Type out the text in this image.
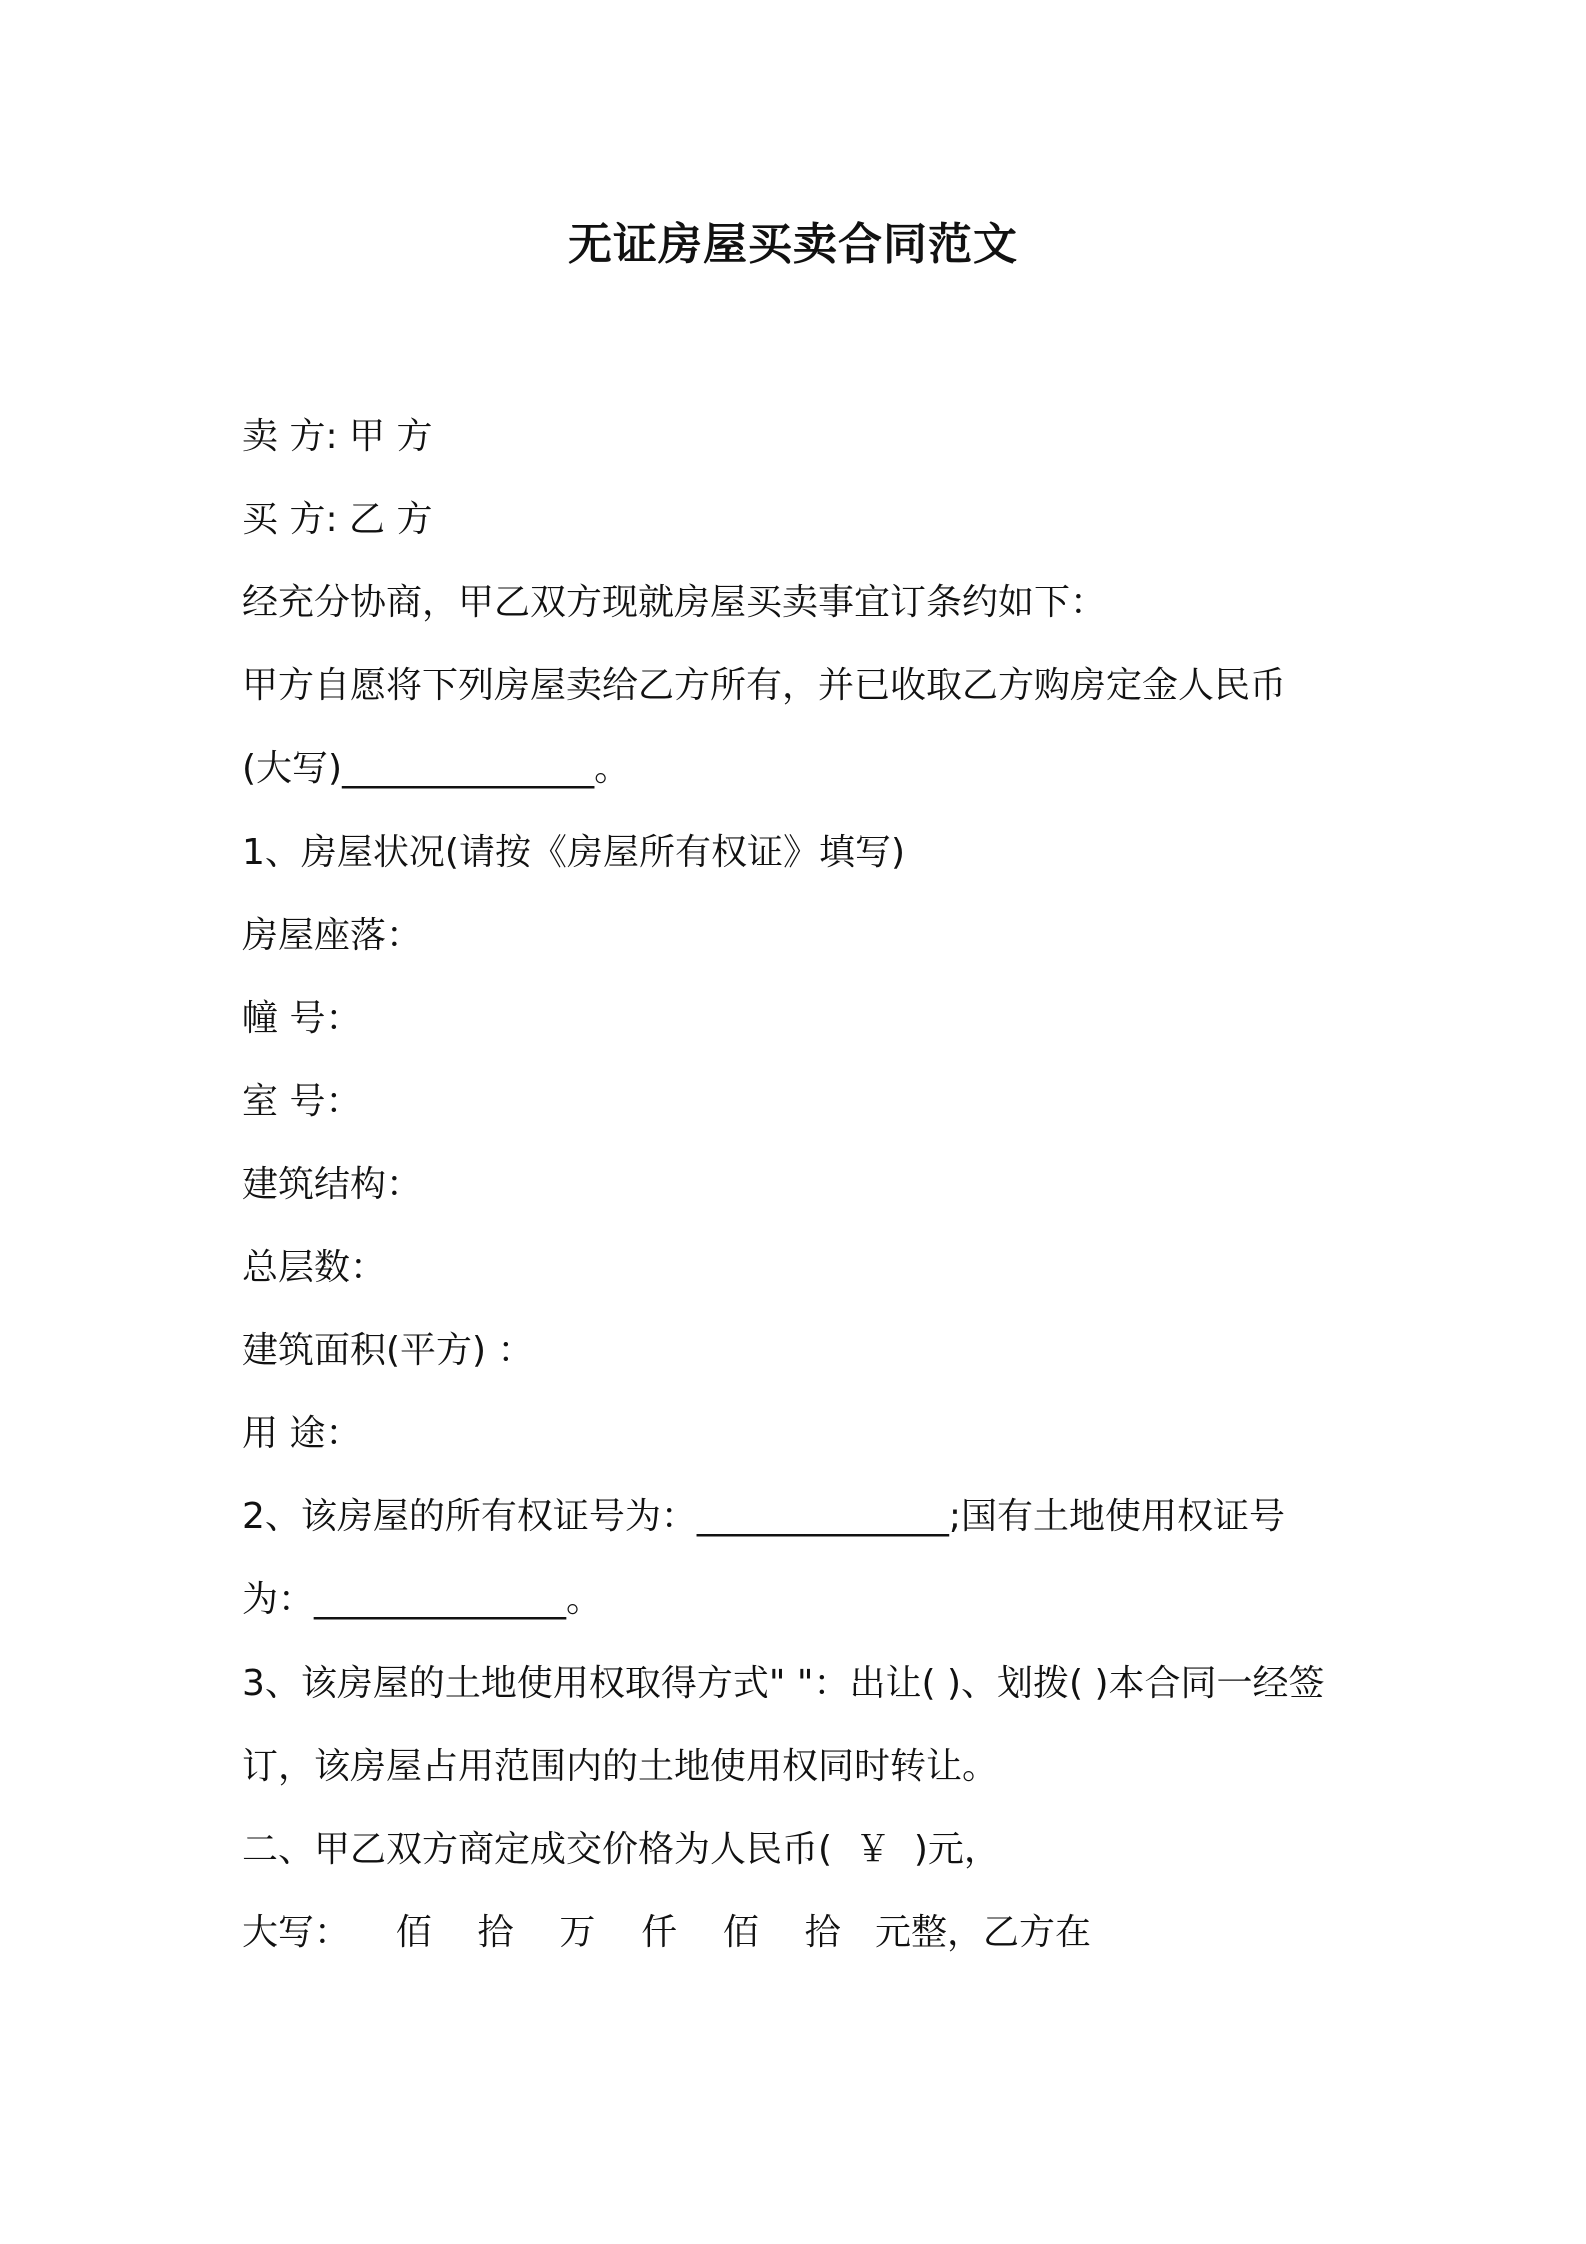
无证房屋买卖合同范文
卖 方: 甲 方
买 方: 乙 方
经充分协商，甲乙双方现就房屋买卖事宜订条约如下：
甲方自愿将下列房屋卖给乙方所有，并已收取乙方购房定金人民币
(大写)______________。
1、房屋状况(请按《房屋所有权证》填写)
房屋座落：
幢 号：
室 号：
建筑结构：
总层数：
建筑面积(平方) ：
用 途：
2、该房屋的所有权证号为：______________;国有土地使用权证号
为：______________。
3、该房屋的土地使用权取得方式" "：出让( )、划拨( )本合同一经签
订，该房屋占用范围内的土地使用权同时转让。
二、甲乙双方商定成交价格为人民币(  ￥  )元，
大写：    佰    拾    万    仟    佰    拾   元整，乙方在
